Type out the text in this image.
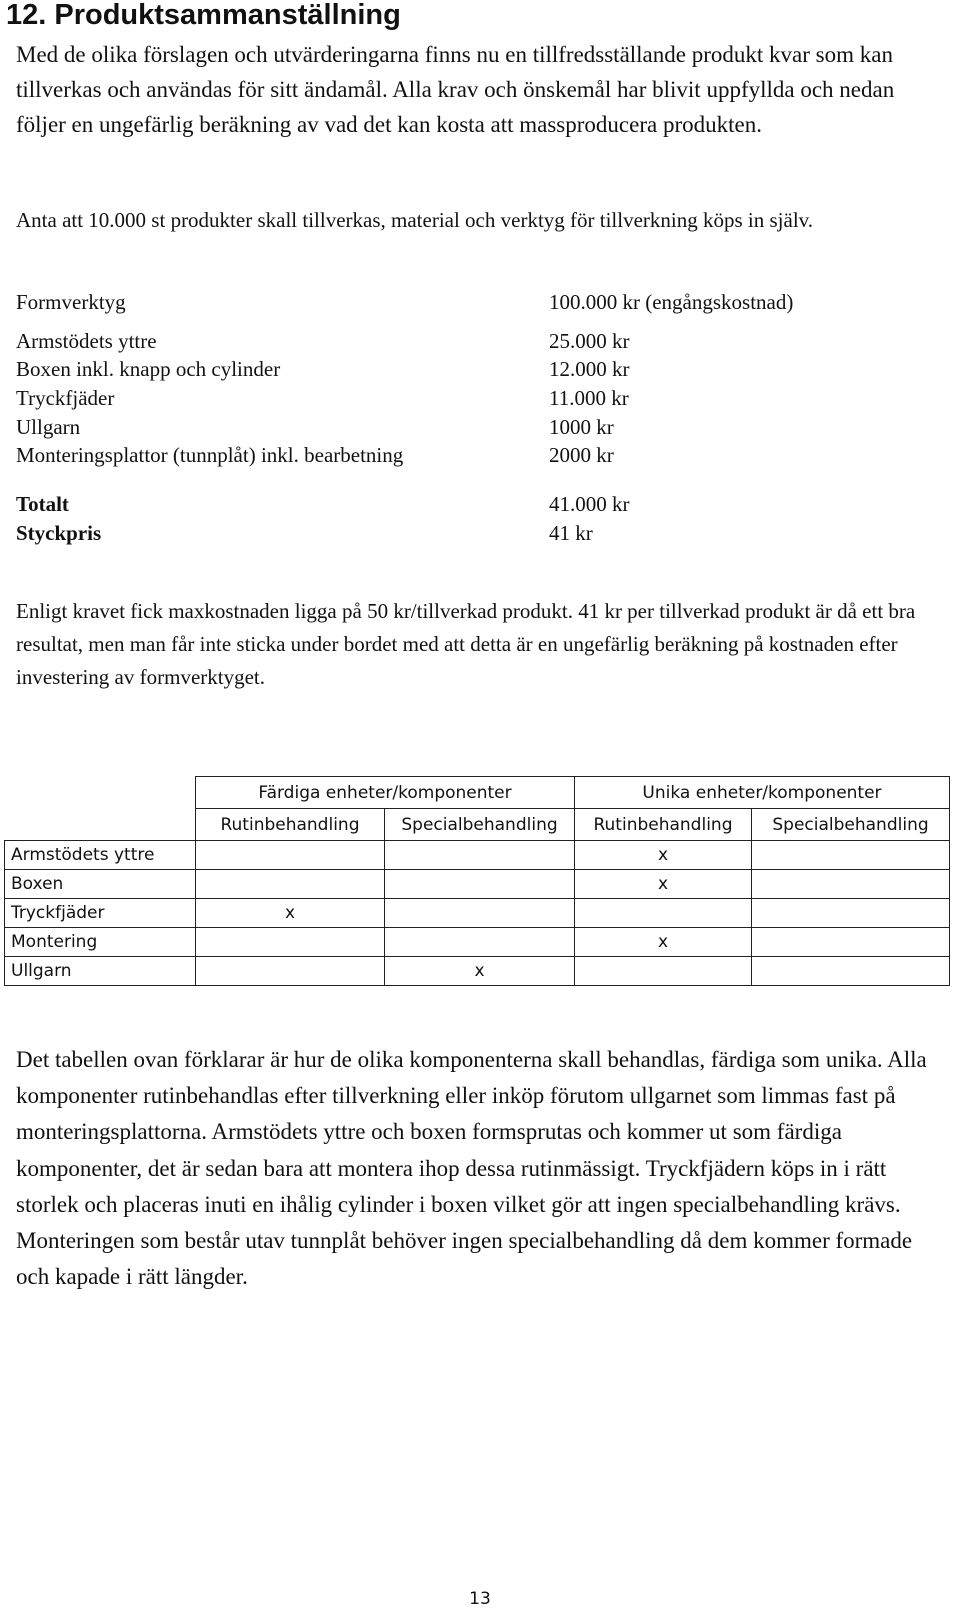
12. Produktsammanställning

Med de olika förslagen och utvärderingarna finns nu en tillfredsställande produkt kvar som kan tillverkas och användas för sitt ändamål. Alla krav och önskemål har blivit uppfyllda och nedan följer en ungefärlig beräkning av vad det kan kosta att massproducera produkten.

Anta att 10.000 st produkter skall tillverkas, material och verktyg för tillverkning köps in själv.

Formverktyg	100.000 kr (engångskostnad)
Armstödets yttre	25.000 kr
Boxen inkl. knapp och cylinder	12.000 kr
Tryckfjäder	11.000 kr
Ullgarn	1000 kr
Monteringsplattor (tunnplåt) inkl. bearbetning	2000 kr
Totalt	41.000 kr
Styckpris	41 kr

Enligt kravet fick maxkostnaden ligga på 50 kr/tillverkad produkt. 41 kr per tillverkad produkt är då ett bra resultat, men man får inte sticka under bordet med att detta är en ungefärlig beräkning på kostnaden efter investering av formverktyget.

	Färdiga enheter/komponenter		Unika enheter/komponenter	
	Rutinbehandling	Specialbehandling	Rutinbehandling	Specialbehandling
Armstödets yttre			x	
Boxen			x	
Tryckfjäder	x			
Montering			x	
Ullgarn		x		

Det tabellen ovan förklarar är hur de olika komponenterna skall behandlas, färdiga som unika. Alla komponenter rutinbehandlas efter tillverkning eller inköp förutom ullgarnet som limmas fast på monteringsplattorna. Armstödets yttre och boxen formsprutas och kommer ut som färdiga komponenter, det är sedan bara att montera ihop dessa rutinmässigt. Tryckfjädern köps in i rätt storlek och placeras inuti en ihålig cylinder i boxen vilket gör att ingen specialbehandling krävs. Monteringen som består utav tunnplåt behöver ingen specialbehandling då dem kommer formade och kapade i rätt längder.

13
